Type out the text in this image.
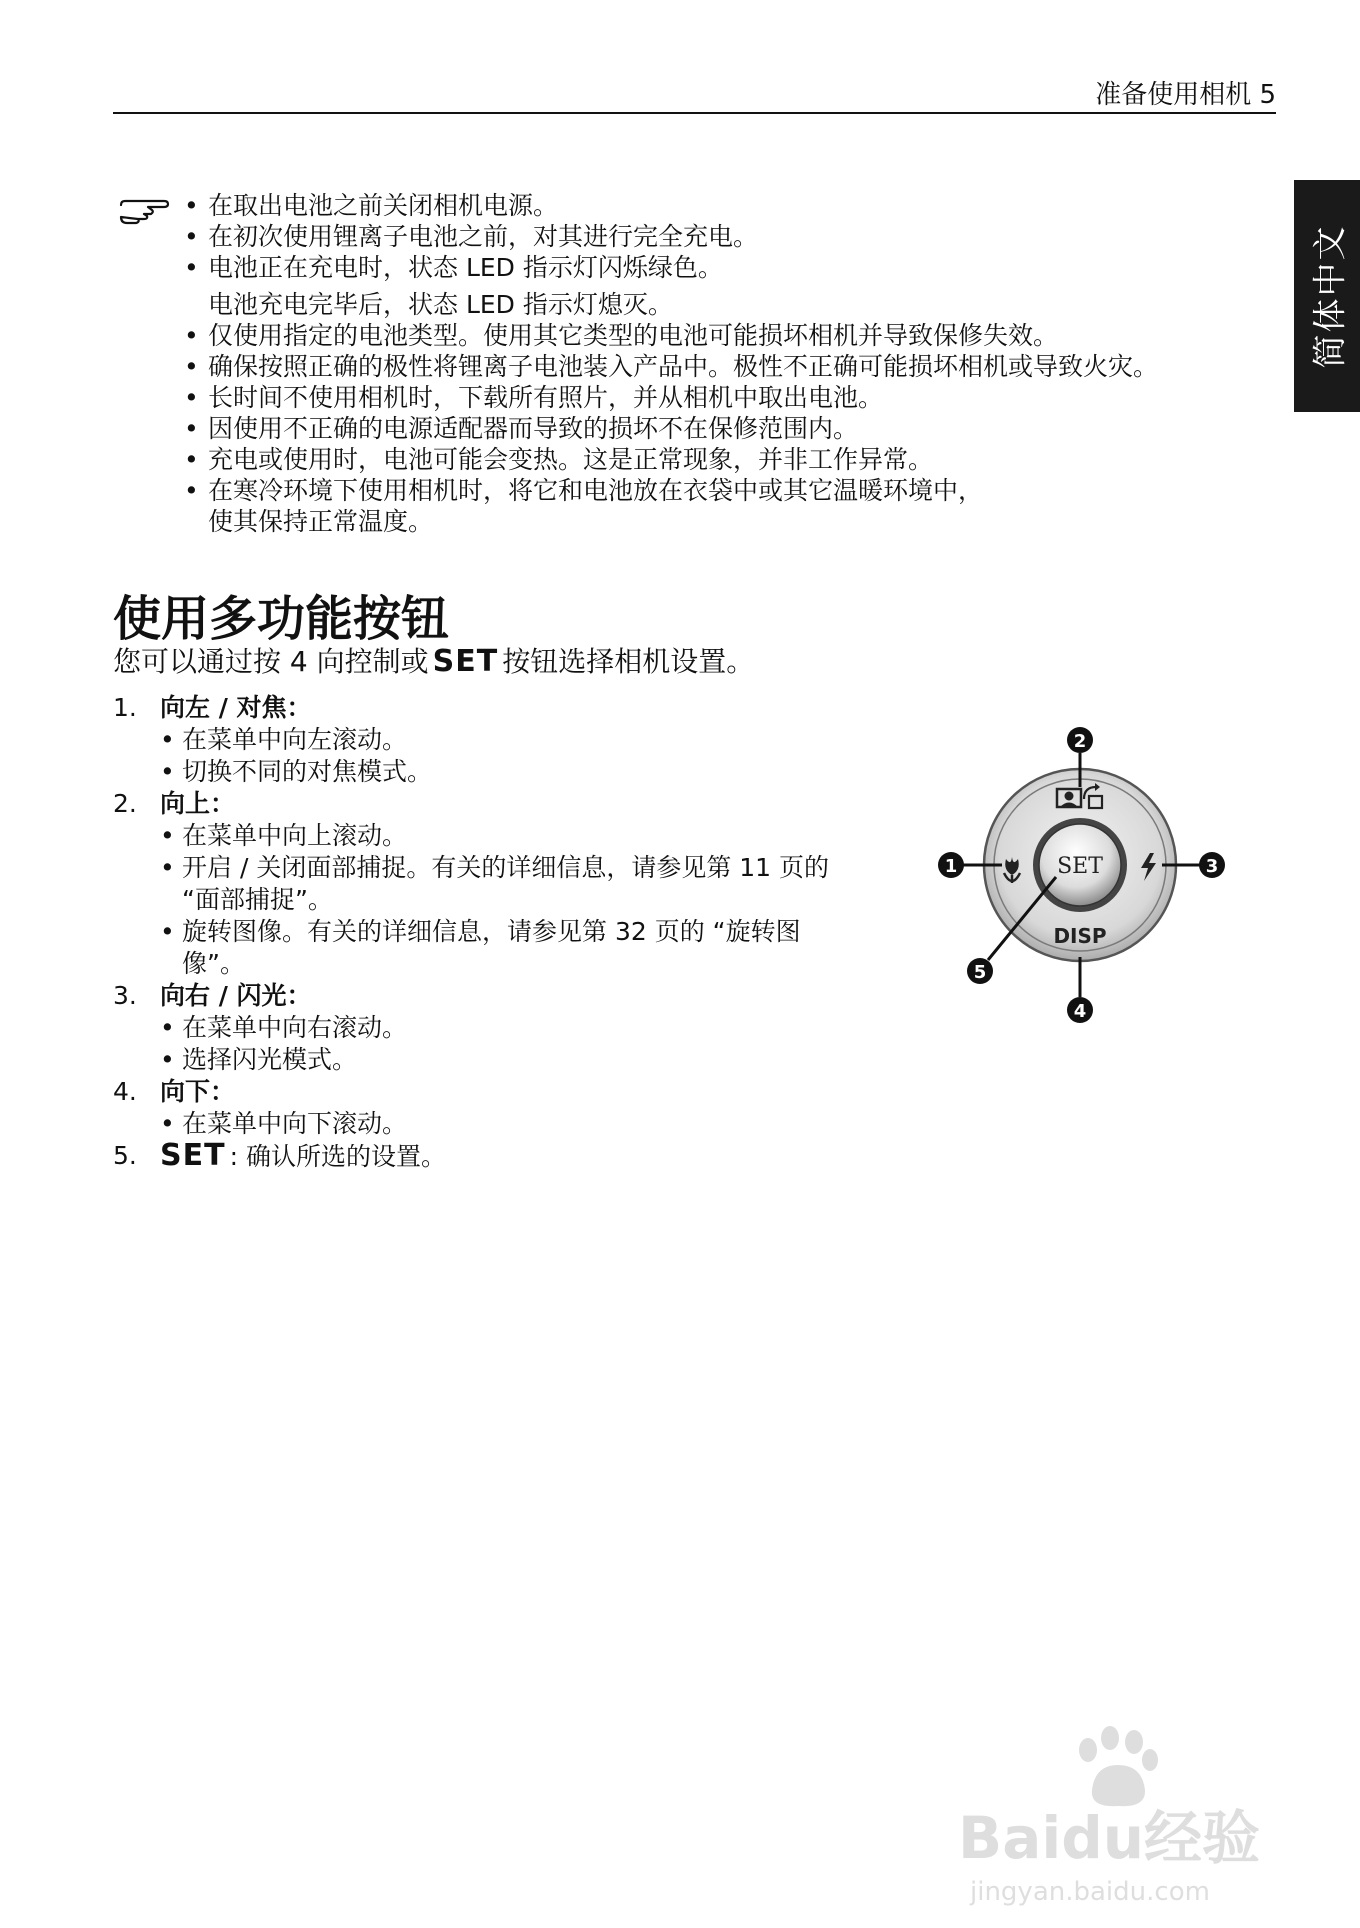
准备使用相机 5
简体中文
• 在取出电池之前关闭相机电源。
• 在初次使用锂离子电池之前，对其进行完全充电。
• 电池正在充电时，状态 LED 指示灯闪烁绿色。
电池充电完毕后，状态 LED 指示灯熄灭。
• 仅使用指定的电池类型。使用其它类型的电池可能损坏相机并导致保修失效。
• 确保按照正确的极性将锂离子电池装入产品中。极性不正确可能损坏相机或导致火灾。
• 长时间不使用相机时，下载所有照片，并从相机中取出电池。
• 因使用不正确的电源适配器而导致的损坏不在保修范围内。
• 充电或使用时，电池可能会变热。这是正常现象，并非工作异常。
• 在寒冷环境下使用相机时，将它和电池放在衣袋中或其它温暖环境中，
使其保持正常温度。
使用多功能按钮
您可以通过按 4 向控制或 SET 按钮选择相机设置。
1. 向左 / 对焦：
• 在菜单中向左滚动。
• 切换不同的对焦模式。
2. 向上：
• 在菜单中向上滚动。
• 开启 / 关闭面部捕捉。有关的详细信息，请参见第 11 页的
“面部捕捉”。
• 旋转图像。有关的详细信息，请参见第 32 页的 “旋转图
像”。
3. 向右 / 闪光：
• 在菜单中向右滚动。
• 选择闪光模式。
4. 向下：
• 在菜单中向下滚动。
5. SET : 确认所选的设置。
SET
DISP
1
2
3
4
5
Baidu经验
jingyan.baidu.com
